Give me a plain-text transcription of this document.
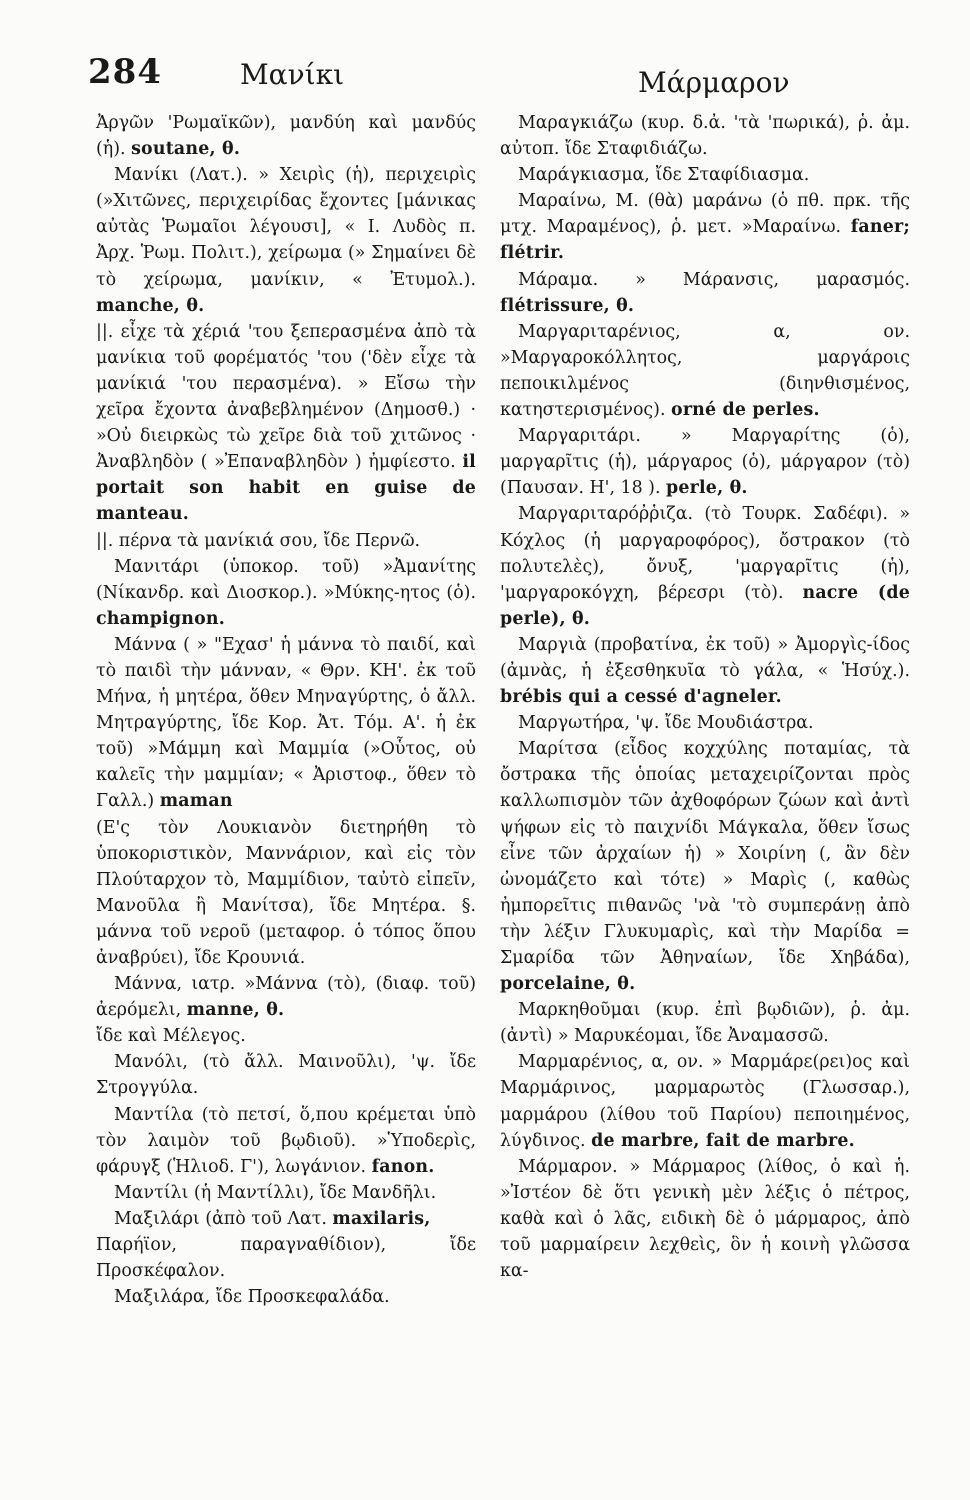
284	Μανίκι	Μάρμαρον

Ἀργῶν 'Ρωμαϊκῶν), μανδύη καὶ μανδύς (ἡ). soutane, θ.

Μανίκι (Λατ.). » Χειρὶς (ἡ), περιχειρὶς (»Χιτῶνες, περιχειρίδας ἔχοντες [μάνικας αὐτὰς Ῥωμαῖοι λέγουσι], « Ι. Λυδὸς π. Ἀρχ. Ῥωμ. Πολιτ.), χείρωμα (» Σημαίνει δὲ τὸ χείρωμα, μανίκιν, « Ἐτυμολ.). manche, θ.

||. εἶχε τὰ χέριά 'του ξεπερασμένα ἀπὸ τὰ μανίκια τοῦ φορέματός 'του ('δὲν εἶχε τὰ μανίκιά 'του περασμένα). » Εἴσω τὴν χεῖρα ἔχοντα ἀναβεβλημένον (Δημοσθ.) · »Οὐ διειρκὼς τὼ χεῖρε διὰ τοῦ χιτῶνος · Ἀναβληδὸν ( »Ἐπαναβληδὸν ) ἠμφίεστο. il portait son habit en guise de manteau.

||. πέρνα τὰ μανίκιά σου, ἴδε Περνῶ.

Μανιτάρι (ὑποκορ. τοῦ) »Ἀμανίτης (Νίκανδρ. καὶ Διοσκορ.). »Μύκης-ητος (ὁ). champignon.

Μάννα ( » "Εχασ' ἡ μάννα τὸ παιδί, καὶ τὸ παιδὶ τὴν μάνναν, « Θρν. ΚΗ'. ἐκ τοῦ Μήνα, ἡ μητέρα, ὅθεν Μηναγύρτης, ὁ ἄλλ. Μητραγύρτης, ἴδε Κορ. Ἀτ. Τόμ. Α'. ἡ ἐκ τοῦ) »Μάμμη καὶ Μαμμία (»Οὗτος, οὐ καλεῖς τὴν μαμμίαν; « Ἀριστοφ., ὅθεν τὸ Γαλλ.) maman

(Ε'ς τὸν Λουκιανὸν διετηρήθη τὸ ὑποκοριστικὸν, Μαννάριον, καὶ εἰς τὸν Πλούταρχον τὸ, Μαμμίδιον, ταὐτὸ εἰπεῖν, Μανοῦλα ἢ Μανίτσα), ἴδε Μητέρα. §. μάννα τοῦ νεροῦ (μεταφορ. ὁ τόπος ὅπου ἀναβρύει), ἴδε Κρουνιά.

Μάννα, ιατρ. »Μάννα (τὸ), (διαφ. τοῦ) ἀερόμελι, manne, θ.

ἴδε καὶ Μέλεγος.

Μανόλι, (τὸ ἄλλ. Μαινοῦλι), 'ψ. ἴδε Στρογγύλα.

Μαντίλα (τὸ πετσί, ὅ,που κρέμεται ὑπὸ τὸν λαιμὸν τοῦ βῳδιοῦ). »Ὑποδερὶς, φάρυγξ (Ἡλιοδ. Γ'), λωγάνιον. fanon.

Μαντίλι (ἡ Μαντίλλι), ἴδε Μανδῆλι.

Μαξιλάρι (ἀπὸ τοῦ Λατ. maxilaris,

Παρήϊον, παραγναθίδιον), ἴδε Προσκέφαλον.

Μαξιλάρα, ἴδε Προσκεφαλάδα.

Μαραγκιάζω (κυρ. δ.ἀ. 'τὰ 'πωρικά), ῥ. ἀμ. αὐτοπ. ἴδε Σταφιδιάζω.

Μαράγκιασμα, ἴδε Σταφίδιασμα.

Μαραίνω, Μ. (θὰ) μαράνω (ὁ πθ. πρκ. τῆς μτχ. Μαραμένος), ῥ. μετ. »Μαραίνω. faner; flétrir.

Μάραμα. » Μάρανσις, μαρασμός. flétrissure, θ.

Μαργαριταρένιος, α, ον. »Μαργαροκόλλητος, μαργάροις πεποικιλμένος (διηνθισμένος, κατηστερισμένος). orné de perles.

Μαργαριτάρι. » Μαργαρίτης (ὁ), μαργαρῖτις (ἡ), μάργαρος (ὁ), μάργαρον (τὸ) (Παυσαν. Η', 18 ). perle, θ.

Μαργαριταρόῤῥιζα. (τὸ Τουρκ. Σαδέφι). » Κόχλος (ἡ μαργαροφόρος), ὄστρακον (τὸ πολυτελὲς), ὄνυξ, 'μαργαρῖτις (ἡ), 'μαργαροκόγχη, βέρεσρι (τὸ). nacre (de perle), θ.

Μαργιὰ (προβατίνα, ἐκ τοῦ) » Ἀμοργὶς-ίδος (ἀμνὰς, ἡ ἐξεσθηκυῖα τὸ γάλα, « Ἡσύχ.). brébis qui a cessé d'agneler.

Μαργωτήρα, 'ψ. ἴδε Μουδιάστρα.

Μαρίτσα (εἶδος κοχχύλης ποταμίας, τὰ ὄστρακα τῆς ὁποίας μεταχειρίζονται πρὸς καλλωπισμὸν τῶν ἀχθοφόρων ζώων καὶ ἀντὶ ψήφων εἰς τὸ παιχνίδι Μάγκαλα, ὅθεν ἴσως εἶνε τῶν ἀρχαίων ἡ) » Χοιρίνη (, ἂν δὲν ὠνομάζετο καὶ τότε) » Μαρὶς (, καθὼς ἠμπορεῖτις πιθανῶς 'νὰ 'τὸ συμπεράνῃ ἀπὸ τὴν λέξιν Γλυκυμαρὶς, καὶ τὴν Μαρίδα = Σμαρίδα τῶν Ἀθηναίων, ἴδε Χηβάδα), porcelaine, θ.

Μαρκηθοῦμαι (κυρ. ἐπὶ βῳδιῶν), ῥ. ἀμ. (ἀντὶ) » Μαρυκέομαι, ἴδε Ἀναμασσῶ.

Μαρμαρένιος, α, ον. » Μαρμάρε(ρει)ος καὶ Μαρμάρινος, μαρμαρωτὸς (Γλωσσαρ.), μαρμάρου (λίθου τοῦ Παρίου) πεποιημένος, λύγδινος. de marbre, fait de marbre.

Μάρμαρον. » Μάρμαρος (λίθος, ὁ καὶ ἡ. »Ἰστέον δὲ ὅτι γενικὴ μὲν λέξις ὁ πέτρος, καθὰ καὶ ὁ λᾶς, ειδικὴ δὲ ὁ μάρμαρος, ἀπὸ τοῦ μαρμαίρειν λεχθεὶς, ὃν ἡ κοινὴ γλῶσσα κα-
